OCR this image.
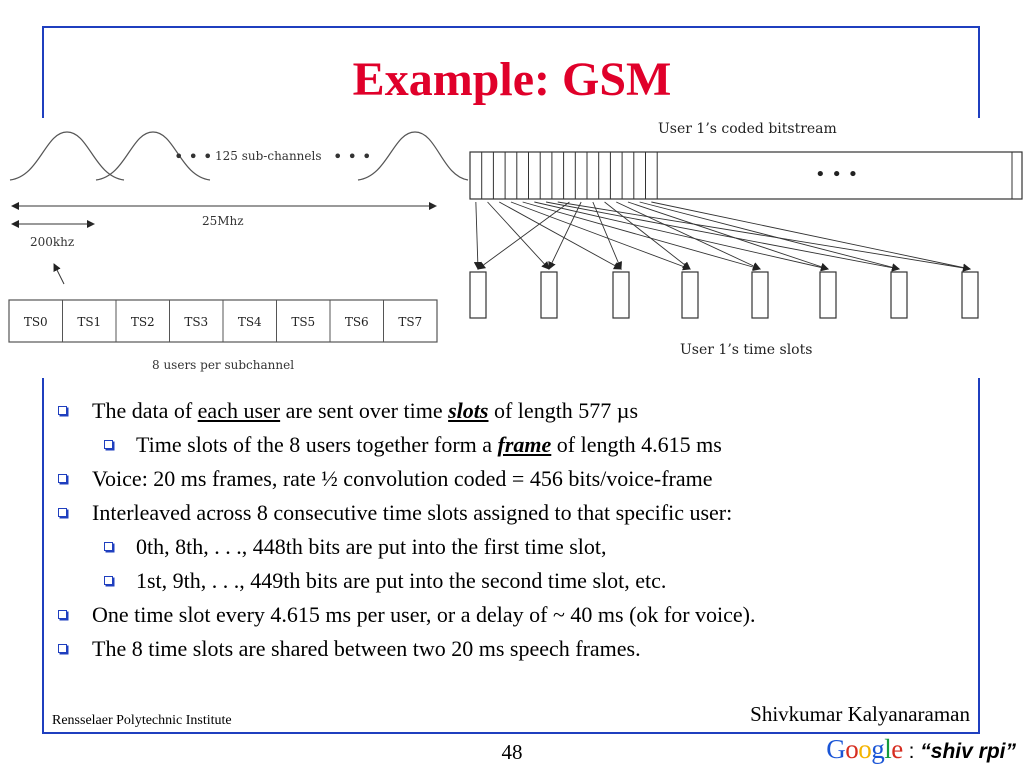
Example: GSM
• • •	• • •
125 sub-channels
25Mhz
200khz
TS0 TS1 TS2 TS3 TS4 TS5 TS6 TS7
8 users per subchannel
User 1’s coded bitstream
• • •
User 1’s time slots
The data of each user are sent over time slots of length 577 µs
Time slots of the 8 users together form a frame of length 4.615 ms
Voice: 20 ms frames, rate ½ convolution coded = 456 bits/voice-frame
Interleaved across 8 consecutive time slots assigned to that specific user:
0th, 8th, . . ., 448th bits are put into the first time slot,
1st, 9th, . . ., 449th bits are put into the second time slot, etc.
One time slot every 4.615 ms per user, or a delay of ~ 40 ms (ok for voice).
The 8 time slots are shared between two 20 ms speech frames.
Shivkumar Kalyanaraman
Rensselaer Polytechnic Institute
48	Google : “shiv rpi”
